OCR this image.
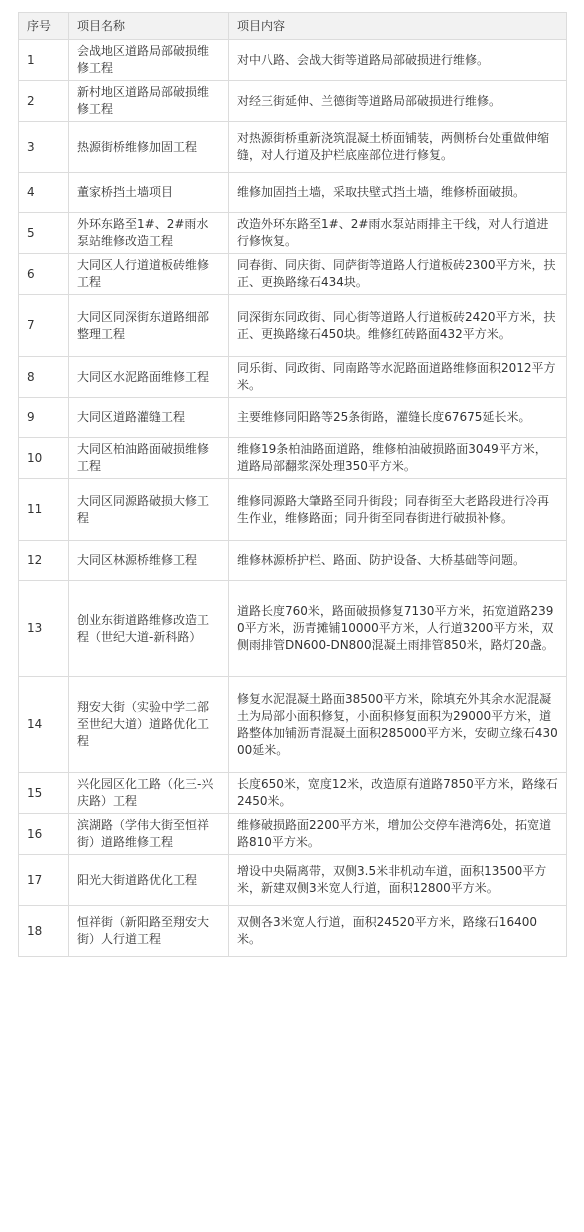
序号	项目名称	项目内容
1	会战地区道路局部破损维修工程	对中八路、会战大街等道路局部破损进行维修。
2	新村地区道路局部破损维修工程	对经三街延伸、兰德街等道路局部破损进行维修。
3	热源街桥维修加固工程	对热源街桥重新浇筑混凝土桥面铺装，两侧桥台处重做伸缩缝，对人行道及护栏底座部位进行修复。
4	董家桥挡土墙项目	维修加固挡土墙，采取扶壁式挡土墙，维修桥面破损。
5	外环东路至1#、2#雨水泵站维修改造工程	改造外环东路至1#、2#雨水泵站雨排主干线，对人行道进行修恢复。
6	大同区人行道道板砖维修工程	同春街、同庆街、同萨街等道路人行道板砖2300平方米，扶正、更换路缘石434块。
7	大同区同深街东道路细部整理工程	同深街东同政街、同心街等道路人行道板砖2420平方米，扶正、更换路缘石450块。维修红砖路面432平方米。
8	大同区水泥路面维修工程	同乐街、同政街、同南路等水泥路面道路维修面积2012平方米。
9	大同区道路灌缝工程	主要维修同阳路等25条街路，灌缝长度67675延长米。
10	大同区柏油路面破损维修工程	维修19条柏油路面道路，维修柏油破损路面3049平方米，道路局部翻浆深处理350平方米。
11	大同区同源路破损大修工程	维修同源路大肇路至同升街段；同春街至大老路段进行冷再生作业，维修路面；同升街至同春街进行破损补修。
12	大同区林源桥维修工程	维修林源桥护栏、路面、防护设备、大桥基础等问题。
13	创业东街道路维修改造工程（世纪大道-新科路）	道路长度760米，路面破损修复7130平方米，拓宽道路2390平方米，沥青摊铺10000平方米，人行道3200平方米，双侧雨排管DN600-DN800混凝土雨排管850米，路灯20盏。
14	翔安大街（实验中学二部至世纪大道）道路优化工程	修复水泥混凝土路面38500平方米，除填充外其余水泥混凝土为局部小面积修复，小面积修复面积为29000平方米，道路整体加铺沥青混凝土面积285000平方米，安砌立缘石43000延米。
15	兴化园区化工路（化三-兴庆路）工程	长度650米，宽度12米，改造原有道路7850平方米，路缘石2450米。
16	滨湖路（学伟大街至恒祥街）道路维修工程	维修破损路面2200平方米，增加公交停车港湾6处，拓宽道路810平方米。
17	阳光大街道路优化工程	增设中央隔离带，双侧3.5米非机动车道，面积13500平方米，新建双侧3米宽人行道，面积12800平方米。
18	恒祥街（新阳路至翔安大街）人行道工程	双侧各3米宽人行道，面积24520平方米，路缘石16400米。
